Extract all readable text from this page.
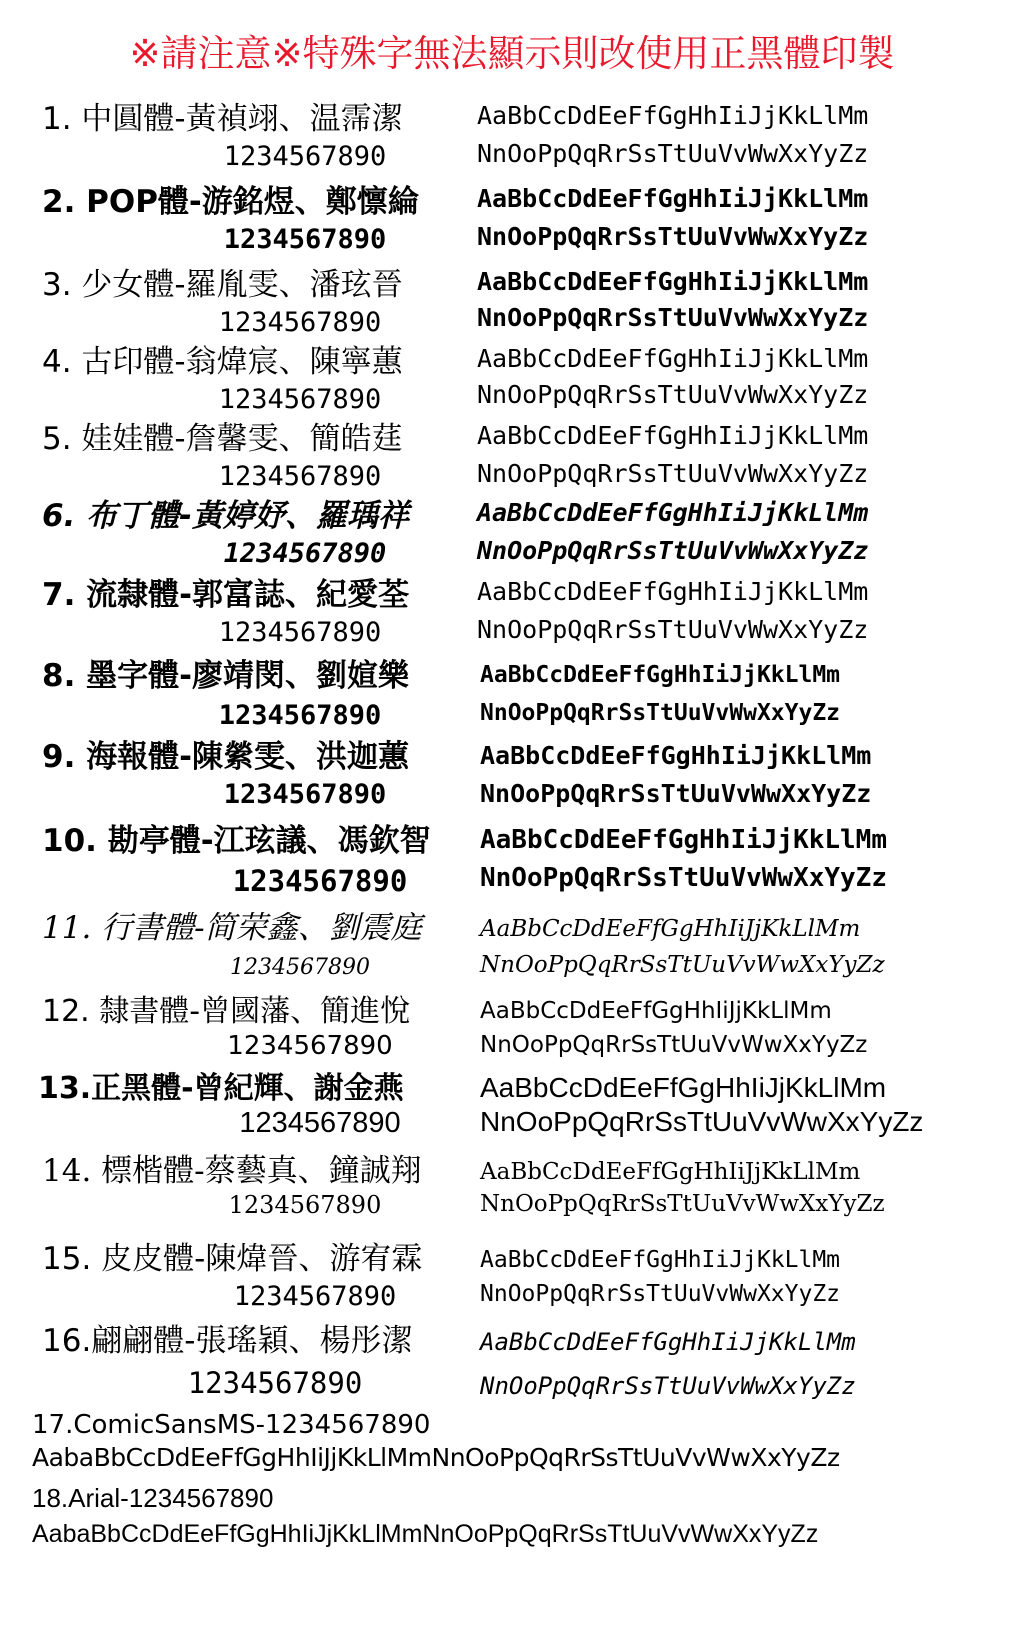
※請注意※特殊字無法顯示則改使用正黑體印製
1. 中圓體-黃禎翊、温霈潔
1234567890
AaBbCcDdEeFfGgHhIiJjKkLlMm
NnOoPpQqRrSsTtUuVvWwXxYyZz
2. POP體-游銘煜、鄭懔綸
1234567890
AaBbCcDdEeFfGgHhIiJjKkLlMm
NnOoPpQqRrSsTtUuVvWwXxYyZz
3. 少女體-羅胤雯、潘玹晉
1234567890
AaBbCcDdEeFfGgHhIiJjKkLlMm
NnOoPpQqRrSsTtUuVvWwXxYyZz
4. 古印體-翁煒宸、陳寧蕙
1234567890
AaBbCcDdEeFfGgHhIiJjKkLlMm
NnOoPpQqRrSsTtUuVvWwXxYyZz
5. 娃娃體-詹馨雯、簡皓莛
1234567890
AaBbCcDdEeFfGgHhIiJjKkLlMm
NnOoPpQqRrSsTtUuVvWwXxYyZz
6. 布丁體-黃婷妤、羅瑀祥
1234567890
AaBbCcDdEeFfGgHhIiJjKkLlMm
NnOoPpQqRrSsTtUuVvWwXxYyZz
7. 流隸體-郭富誌、紀愛荃
1234567890
AaBbCcDdEeFfGgHhIiJjKkLlMm
NnOoPpQqRrSsTtUuVvWwXxYyZz
8. 墨字體-廖靖閔、劉媗樂
1234567890
AaBbCcDdEeFfGgHhIiJjKkLlMm
NnOoPpQqRrSsTtUuVvWwXxYyZz
9. 海報體-陳縈雯、洪迦蕙
1234567890
AaBbCcDdEeFfGgHhIiJjKkLlMm
NnOoPpQqRrSsTtUuVvWwXxYyZz
10. 勘亭體-江玹議、馮欽智
1234567890
AaBbCcDdEeFfGgHhIiJjKkLlMm
NnOoPpQqRrSsTtUuVvWwXxYyZz
11. 行書體-简荣鑫、劉震庭
1234567890
AaBbCcDdEeFfGgHhIiJjKkLlMm
NnOoPpQqRrSsTtUuVvWwXxYyZz
12. 隸書體-曾國藩、簡進悅
1234567890
AaBbCcDdEeFfGgHhIiJjKkLlMm
NnOoPpQqRrSsTtUuVvWwXxYyZz
13.正黑體-曾紀輝、謝金燕
1234567890
AaBbCcDdEeFfGgHhIiJjKkLlMm
NnOoPpQqRrSsTtUuVvWwXxYyZz
14. 標楷體-蔡藝真、鐘誠翔
1234567890
AaBbCcDdEeFfGgHhIiJjKkLlMm
NnOoPpQqRrSsTtUuVvWwXxYyZz
15. 皮皮體-陳煒晉、游宥霖
1234567890
AaBbCcDdEeFfGgHhIiJjKkLlMm
NnOoPpQqRrSsTtUuVvWwXxYyZz
16.翩翩體-張瑤穎、楊彤潔
1234567890
AaBbCcDdEeFfGgHhIiJjKkLlMm
NnOoPpQqRrSsTtUuVvWwXxYyZz
17.ComicSansMS-1234567890
AabaBbCcDdEeFfGgHhIiJjKkLlMmNnOoPpQqRrSsTtUuVvWwXxYyZz
18.Arial-1234567890
AabaBbCcDdEeFfGgHhIiJjKkLlMmNnOoPpQqRrSsTtUuVvWwXxYyZz
